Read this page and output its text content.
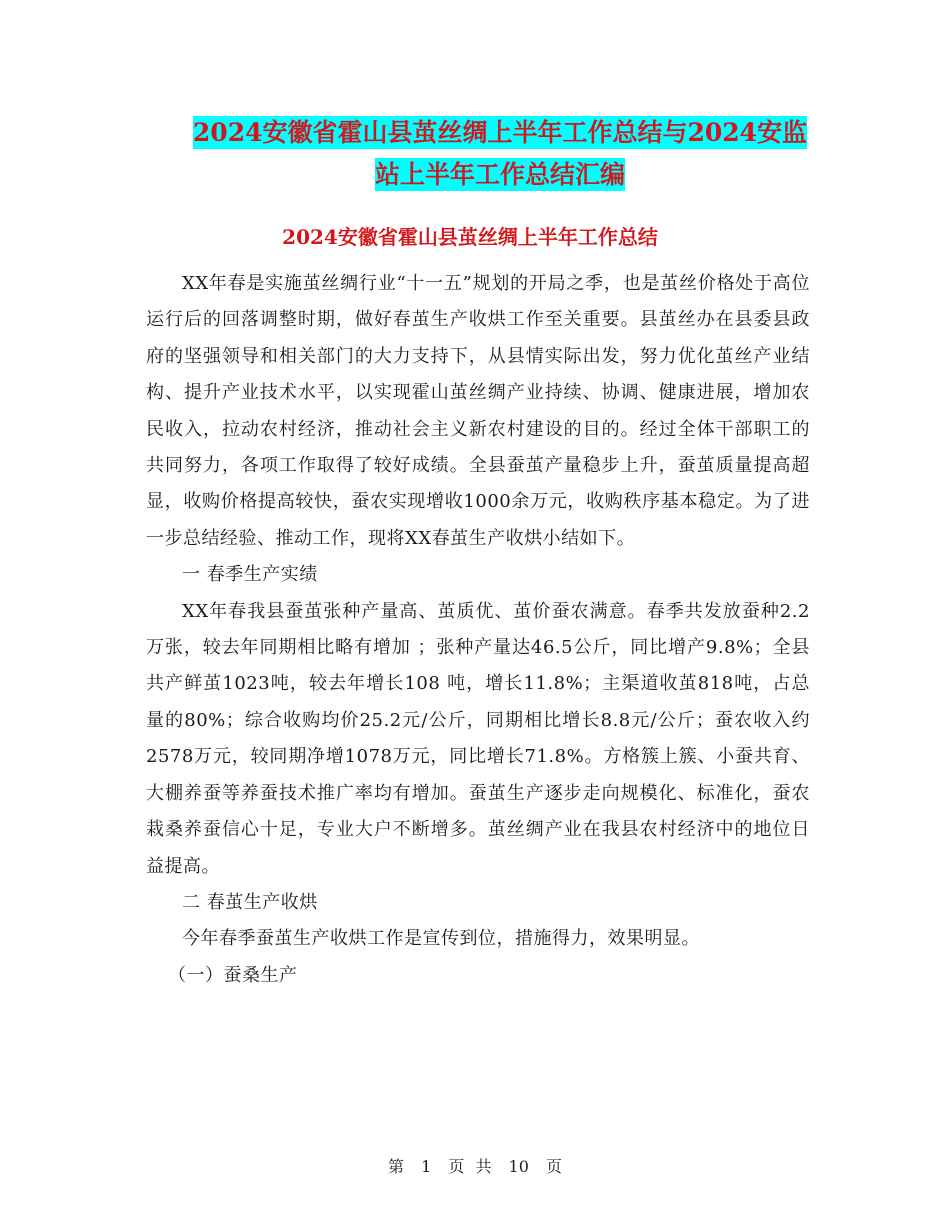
2024安徽省霍山县茧丝绸上半年工作总结与2024安监
站上半年工作总结汇编
2024安徽省霍山县茧丝绸上半年工作总结

XX年春是实施茧丝绸行业“十一五”规划的开局之季，也是茧丝价格处于高位运行后的回落调整时期，做好春茧生产收烘工作至关重要。县茧丝办在县委县政府的坚强领导和相关部门的大力支持下，从县情实际出发，努力优化茧丝产业结构、提升产业技术水平，以实现霍山茧丝绸产业持续、协调、健康进展，增加农民收入，拉动农村经济，推动社会主义新农村建设的目的。经过全体干部职工的共同努力，各项工作取得了较好成绩。全县蚕茧产量稳步上升，蚕茧质量提高超显，收购价格提高较快，蚕农实现增收1000余万元，收购秩序基本稳定。为了进一步总结经验、推动工作，现将XX春茧生产收烘小结如下。

一 春季生产实绩

XX年春我县蚕茧张种产量高、茧质优、茧价蚕农满意。春季共发放蚕种2.2万张，较去年同期相比略有增加 ；张种产量达46.5公斤，同比增产9.8%；全县共产鲜茧1023吨，较去年增长108 吨，增长11.8%；主渠道收茧818吨，占总量的80%；综合收购均价25.2元/公斤，同期相比增长8.8元/公斤；蚕农收入约2578万元，较同期净增1078万元，同比增长71.8%。方格簇上簇、小蚕共育、大棚养蚕等养蚕技术推广率均有增加。蚕茧生产逐步走向规模化、标准化，蚕农栽桑养蚕信心十足，专业大户不断增多。茧丝绸产业在我县农村经济中的地位日益提高。

二 春茧生产收烘

今年春季蚕茧生产收烘工作是宣传到位，措施得力，效果明显。

（一）蚕桑生产

第 1 页 共 10 页
